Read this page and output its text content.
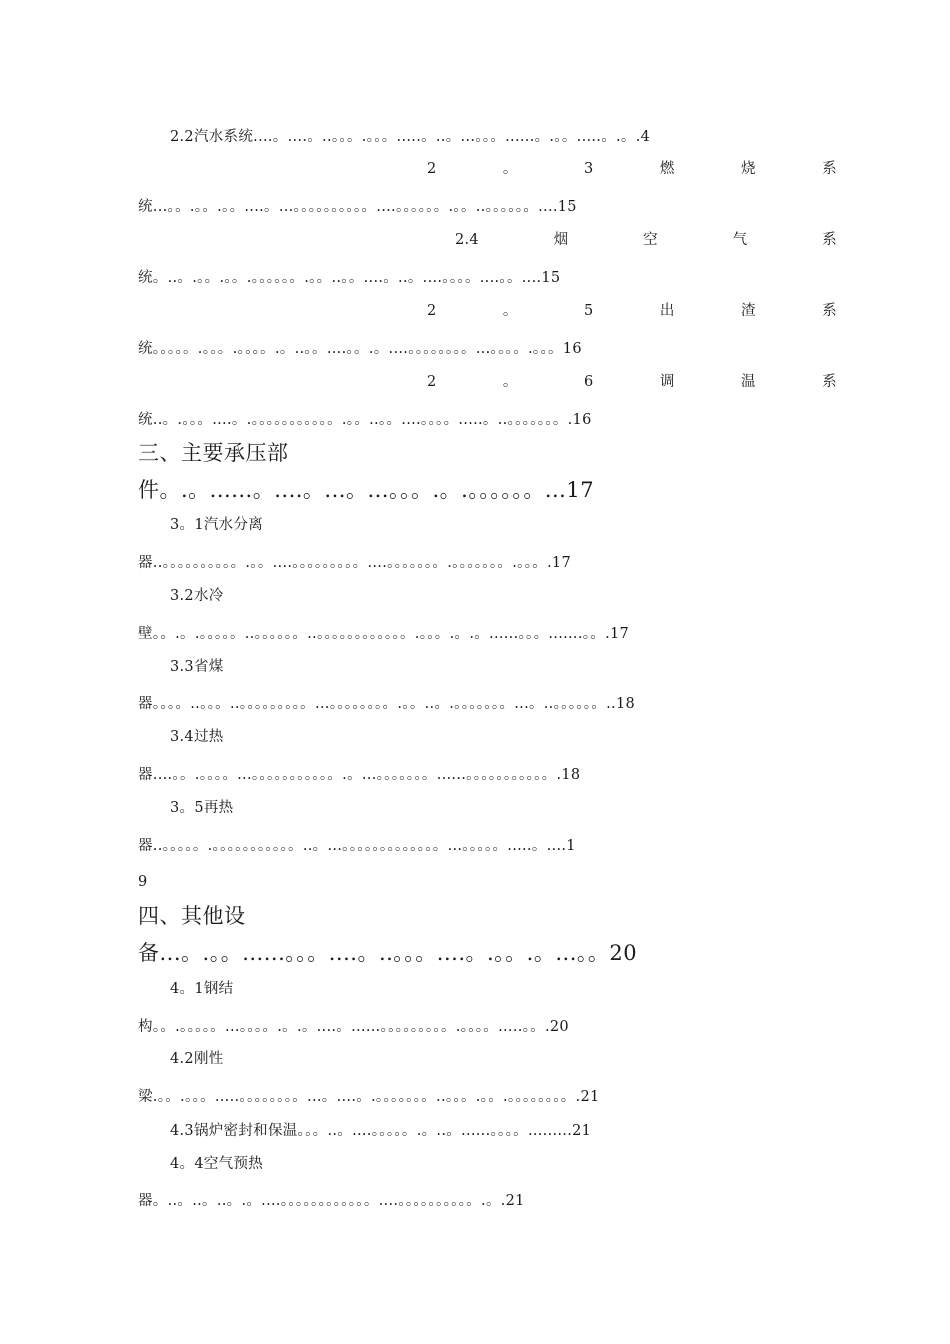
2.2汽水系统....。....。..。。。.。。。.....。..。...。。。......。.。。.....。.。.4

2	。	3	燃	烧	系

统...。。.。。.。。....。...。。。。。。。。。。....。。。。。。.。。..。。。。。。....15

2.4	烟	空	气	系

统。..。.。。.。。.。。。。。。.。。..。。....。..。....。。。。....。。....15

2	。	5	出	渣	系

统。。。。。.。。。.。。。。.。..。。....。。.。....。。。。。。。。...。。。。.。。。16

2	。	6	调	温	系

统..。.。。。....。.。。。。。。。。。。。.。。..。。....。。。。.....。..。。。。。。。.16

三、主要承压部

件。.。......。....。...。...。。。.。.。。。。。。...17

3。1汽水分离

器..。。。。。。。。。。.。。....。。。。。。。。。....。。。。。。。.。。。。。。。.。。。.17

3.2水冷

壁。。.。.。。。。。..。。。。。。..。。。。。。。。。。。。.。。。.。.。......。。。.......。。.17

3.3省煤

器。。。。..。。。..。。。。。。。。。...。。。。。。。。.。。..。.。。。。。。。...。..。。。。。。..18

3.4过热

器....。。.。。。。...。。。。。。。。。。。.。...。。。。。。。......。。。。。。。。。。。.18

3。5再热

器..。。。。。.。。。。。。。。。。。..。...。。。。。。。。。。。。。...。。。。。.....。....1

9

四、其他设

备...。.。。......。。。....。..。。。....。.。。.。...。。20

4。1钢结

构。。.。。。。。...。。。。.。.。....。......。。。。。。。。。.。。。。.....。。.20

4.2刚性

梁.。。.。。。.....。。。。。。。。...。....。.。。。。。。。..。。。.。。.。。。。。。。。.21

4.3锅炉密封和保温。。。..。....。。。。。.。..。......。。。。.........21

4。4空气预热

器。..。..。..。.。....。。。。。。。。。。。。....。。。。。。。。。。.。.21
